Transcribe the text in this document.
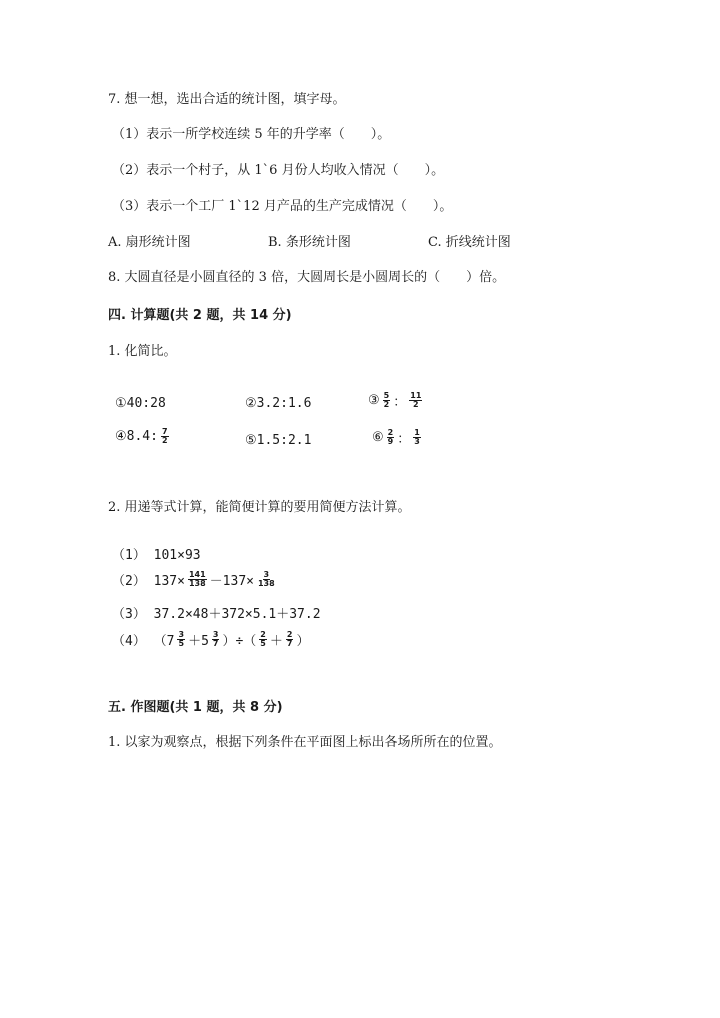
7. 想一想，选出合适的统计图，填字母。
（1）表示一所学校连续 5 年的升学率（　　）。
（2）表示一个村子，从 1`6 月份人均收入情况（　　）。
（3）表示一个工厂 1`12 月产品的生产完成情况（　　）。
A. 扇形统计图	B. 条形统计图	C. 折线统计图
8. 大圆直径是小圆直径的 3 倍，大圆周长是小圆周长的（　　）倍。
四. 计算题(共 2 题，共 14 分)
1. 化简比。
①40:28	②3.2:1.6	③ $\frac{5}{2}$ ： $\frac{11}{2}$
④8.4: $\frac{7}{2}$	⑤1.5:2.1	⑥ $\frac{2}{9}$ ： $\frac{1}{3}$
2. 用递等式计算，能简便计算的要用简便方法计算。
（1） 101×93
（2） $137\times \frac{141}{138} -137\times \frac{3}{138}$
（3） 37.2×48＋372×5.1＋37.2
（4） （$7 \frac{3}{5} +5 \frac{3}{7}$ ）÷（ $\frac{2}{5} + \frac{2}{7}$ ）
五. 作图题(共 1 题，共 8 分)
1. 以家为观察点，根据下列条件在平面图上标出各场所所在的位置。
